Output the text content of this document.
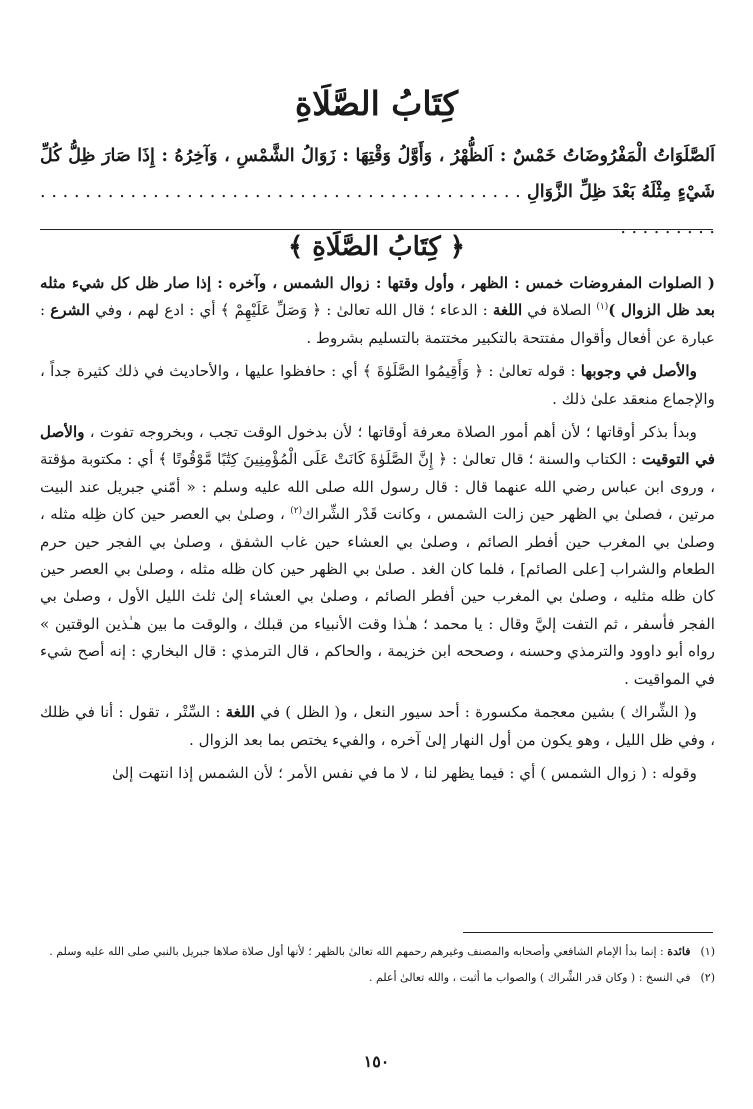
كِتَابُ الصَّلَاةِ
اَلصَّلَوَاتُ الْمَفْرُوضَاتُ خَمْسٌ : اَلظُّهْرُ ، وَأَوَّلُ وَقْتِهَا : زَوَالُ الشَّمْسِ ، وَآخِرُهُ : إِذَا صَارَ ظِلُّ كُلِّ شَيْءٍ مِثْلَهُ بَعْدَ ظِلِّ الزَّوَالِ . . . . . . . . . . . . . . . . . . . . . . . . . . . . . . . . . . . . . . . . . . . . . . . . . . . .
﴿ كِتَابُ الصَّلَاةِ ﴾

( الصلوات المفروضات خمس : الظهر ، وأول وقتها : زوال الشمس ، وآخره : إذا صار ظل كل شيء مثله بعد ظل الزوال )$^{(١)}$ الصلاة في اللغة : الدعاء ؛ قال الله تعالىٰ : ﴿ وَصَلِّ عَلَيْهِمْ ﴾ أي : ادع لهم ، وفي الشرع : عبارة عن أفعال وأقوال مفتتحة بالتكبير مختتمة بالتسليم بشروط .

والأصل في وجوبها : قوله تعالىٰ : ﴿ وَأَقِيمُوا الصَّلَوٰةَ ﴾ أي : حافظوا عليها ، والأحاديث في ذلك كثيرة جداً ، والإجماع منعقد علىٰ ذلك .

وبدأ بذكر أوقاتها ؛ لأن أهم أمور الصلاة معرفة أوقاتها ؛ لأن بدخول الوقت تجب ، وبخروجه تفوت ، والأصل في التوقيت : الكتاب والسنة ؛ قال تعالىٰ : ﴿ إِنَّ الصَّلَوٰةَ كَانَتْ عَلَى الْمُؤْمِنِينَ كِتَٰبًا مَّوْقُوتًا ﴾ أي : مكتوبة مؤقتة ، وروى ابن عباس رضي الله عنهما قال : قال رسول الله صلى الله عليه وسلم : « أمّني جبريل عند البيت مرتين ، فصلىٰ بي الظهر حين زالت الشمس ، وكانت قَدْر الشِّراك$^{(٢)}$ ، وصلىٰ بي العصر حين كان ظِله مثله ، وصلىٰ بي المغرب حين أفطر الصائم ، وصلىٰ بي العشاء حين غاب الشفق ، وصلىٰ بي الفجر حين حرم الطعام والشراب [على الصائم] ، فلما كان الغد . صلىٰ بي الظهر حين كان ظله مثله ، وصلىٰ بي العصر حين كان ظله مثليه ، وصلىٰ بي المغرب حين أفطر الصائم ، وصلىٰ بي العشاء إلىٰ ثلث الليل الأول ، وصلىٰ بي الفجر فأسفر ، ثم التفت إليَّ وقال : يا محمد ؛ هـٰذا وقت الأنبياء من قبلك ، والوقت ما بين هـٰذين الوقتين » رواه أبو داوود والترمذي وحسنه ، وصححه ابن خزيمة ، والحاكم ، قال الترمذي : قال البخاري : إنه أصح شيء في المواقيت .

و( الشِّراك ) بشين معجمة مكسورة : أحد سيور النعل ، و( الظل ) في اللغة : السِّتْر ، تقول : أنا في ظلك ، وفي ظل الليل ، وهو يكون من أول النهار إلىٰ آخره ، والفيء يختص بما بعد الزوال .

وقوله : ( زوال الشمس ) أي : فيما يظهر لنا ، لا ما في نفس الأمر ؛ لأن الشمس إذا انتهت إلىٰ

(١)
فائدة : إنما بدأ الإمام الشافعي وأصحابه والمصنف وغيرهم رحمهم الله تعالىٰ بالظهر ؛ لأنها أول صلاة صلاها جبريل بالنبي صلى الله عليه وسلم .
(٢)
في النسخ : ( وكان قدر الشِّراك ) والصواب ما أثبت ، والله تعالىٰ أعلم .
١٥٠
